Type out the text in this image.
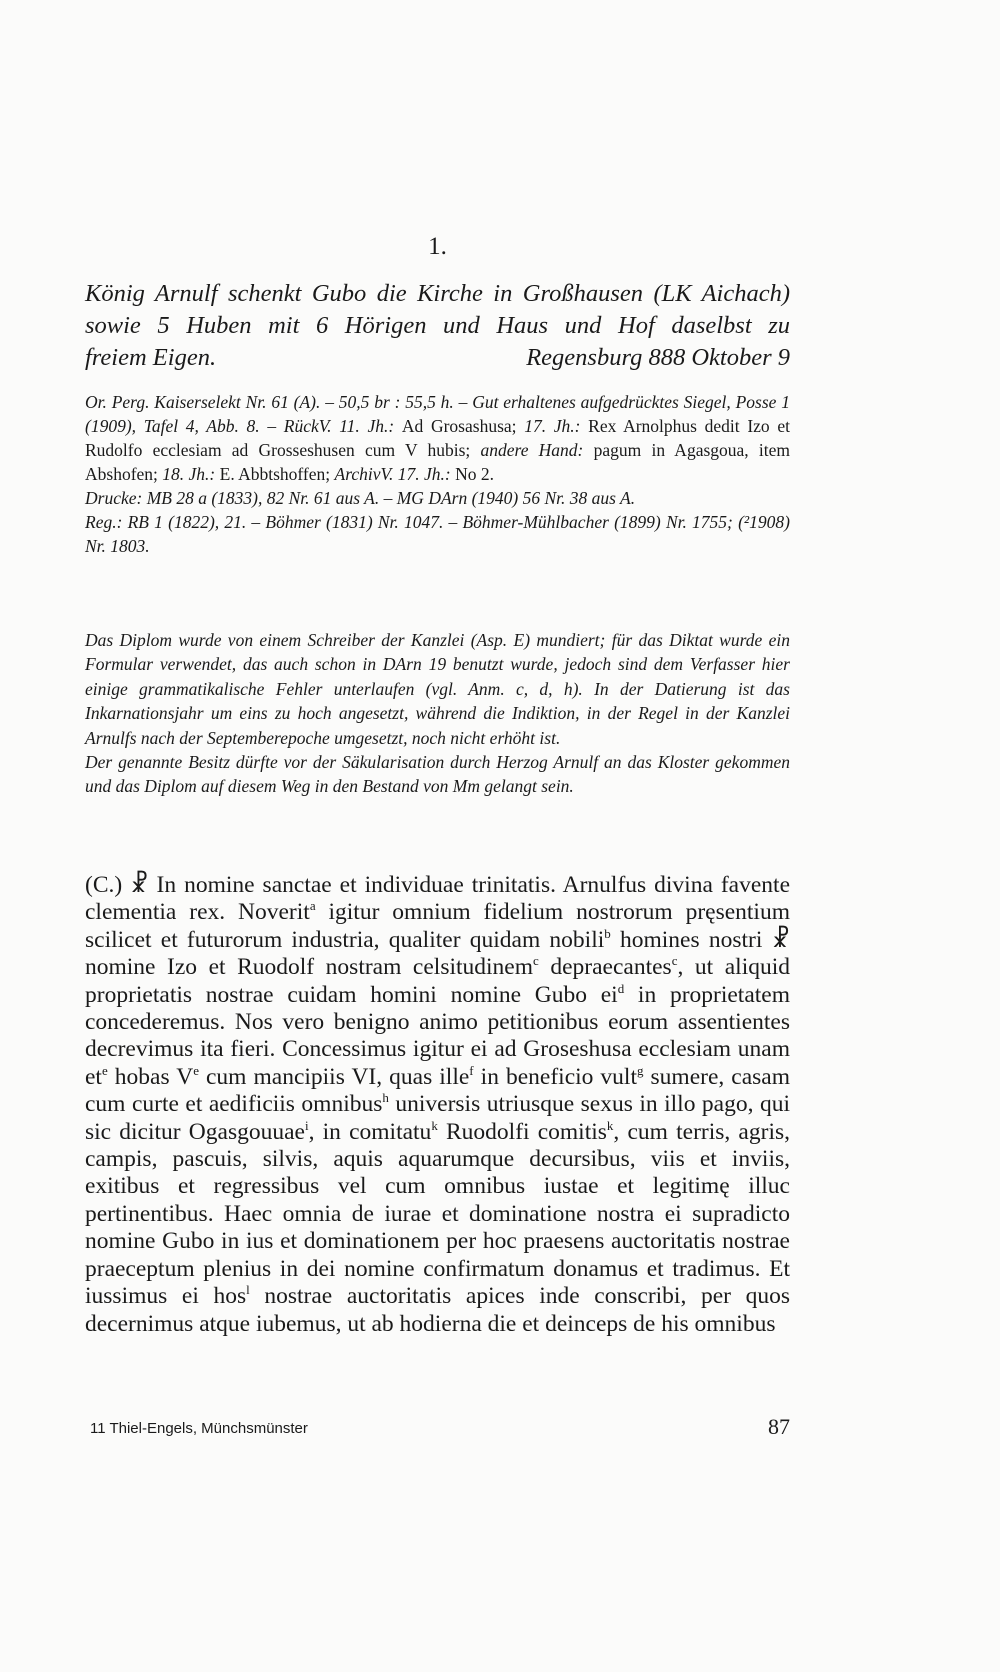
1.
König Arnulf schenkt Gubo die Kirche in Großhausen (LK Aichach)
sowie 5 Huben mit 6 Hörigen und Haus und Hof daselbst zu
freiem Eigen.	Regensburg 888 Oktober 9

Or. Perg. Kaiserselekt Nr. 61 (A). – 50,5 br : 55,5 h. – Gut erhaltenes aufgedrücktes Siegel, Posse 1 (1909), Tafel 4, Abb. 8. – RückV. 11. Jh.: Ad Grosashusa; 17. Jh.: Rex Arnolphus dedit Izo et Rudolfo ecclesiam ad Grosseshusen cum V hubis; andere Hand: pagum in Agasgoua, item Abshofen; 18. Jh.: E. Abbtshoffen; ArchivV. 17. Jh.: No 2.

Drucke: MB 28 a (1833), 82 Nr. 61 aus A. – MG DArn (1940) 56 Nr. 38 aus A.

Reg.: RB 1 (1822), 21. – Böhmer (1831) Nr. 1047. – Böhmer-Mühlbacher (1899) Nr. 1755; (²1908) Nr. 1803.

Das Diplom wurde von einem Schreiber der Kanzlei (Asp. E) mundiert; für das Diktat wurde ein Formular verwendet, das auch schon in DArn 19 benutzt wurde, jedoch sind dem Verfasser hier einige grammatikalische Fehler unterlaufen (vgl. Anm. c, d, h). In der Datierung ist das Inkarnationsjahr um eins zu hoch angesetzt, während die Indiktion, in der Regel in der Kanzlei Arnulfs nach der Septemberepoche umgesetzt, noch nicht erhöht ist.

Der genannte Besitz dürfte vor der Säkularisation durch Herzog Arnulf an das Kloster gekommen und das Diplom auf diesem Weg in den Bestand von Mm gelangt sein.

(C.) ☧ In nomine sanctae et individuae trinitatis. Arnulfus divina favente clementia rex. Noverit$^a$ igitur omnium fidelium nostrorum pręsentium scilicet et futurorum industria, qualiter quidam nobili$^b$ homines nostri ☧ nomine Izo et Ruodolf nostram celsitudinem$^c$ depraecantes$^c$, ut aliquid proprietatis nostrae cuidam homini nomine Gubo $ei^d$ in proprietatem concederemus. Nos vero benigno animo petitionibus eorum assentientes decrevimus ita fieri. Concessimus igitur ei ad Groseshusa ecclesiam unam $et^e$ hobas Ve cum mancipiis VI, quas ille$^f$ in beneficio vult$^g$ sumere, casam cum curte et aedificiis omnibus$^h$ universis utriusque sexus in illo pago, qui sic dicitur Ogasgouuae$^i$, in comitatu$^k$ Ruodolfi comitis$^k$, cum terris, agris, campis, pascuis, silvis, aquis aquarumque decursibus, viis et inviis, exitibus et regressibus vel cum omnibus iustae et legitimę illuc pertinentibus. Haec omnia de iurae et dominatione nostra ei supradicto nomine Gubo in ius et dominationem per hoc praesens auctoritatis nostrae praeceptum plenius in dei nomine confirmatum donamus et tradimus. Et iussimus ei hos$^l$ nostrae auctoritatis apices inde conscribi, per quos decernimus atque iubemus, ut ab hodierna die et deinceps de his omnibus

11 Thiel-Engels, Münchsmünster	87
